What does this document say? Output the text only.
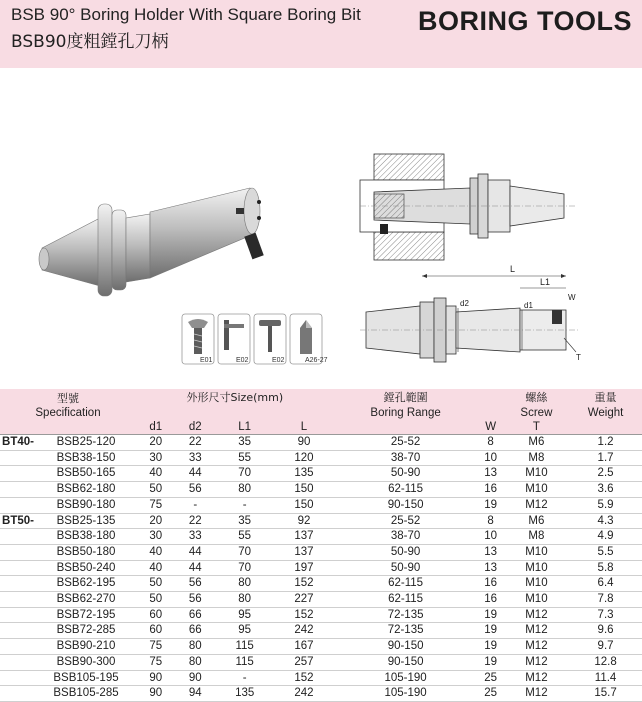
BSB 90° Boring Holder With Square Boring Bit
BSB90度粗鏜孔刀柄
BORING TOOLS
E01	E02	E02	A26-27
L
L1
d2	d1
W
T
型號		外形尺寸Size(mm)				鏜孔範圍		螺絲	重量
Specification						Boring Range		Screw	Weight
		d1	d2	L1	L		W	T	
BT40-	BSB25-120	20	22	35	90	25-52	8	M6	1.2
	BSB38-150	30	33	55	120	38-70	10	M8	1.7
	BSB50-165	40	44	70	135	50-90	13	M10	2.5
	BSB62-180	50	56	80	150	62-115	16	M10	3.6
	BSB90-180	75	-	-	150	90-150	19	M12	5.9
BT50-	BSB25-135	20	22	35	92	25-52	8	M6	4.3
	BSB38-180	30	33	55	137	38-70	10	M8	4.9
	BSB50-180	40	44	70	137	50-90	13	M10	5.5
	BSB50-240	40	44	70	197	50-90	13	M10	5.8
	BSB62-195	50	56	80	152	62-115	16	M10	6.4
	BSB62-270	50	56	80	227	62-115	16	M10	7.8
	BSB72-195	60	66	95	152	72-135	19	M12	7.3
	BSB72-285	60	66	95	242	72-135	19	M12	9.6
	BSB90-210	75	80	115	167	90-150	19	M12	9.7
	BSB90-300	75	80	115	257	90-150	19	M12	12.8
	BSB105-195	90	90	-	152	105-190	25	M12	11.4
	BSB105-285	90	94	135	242	105-190	25	M12	15.7
